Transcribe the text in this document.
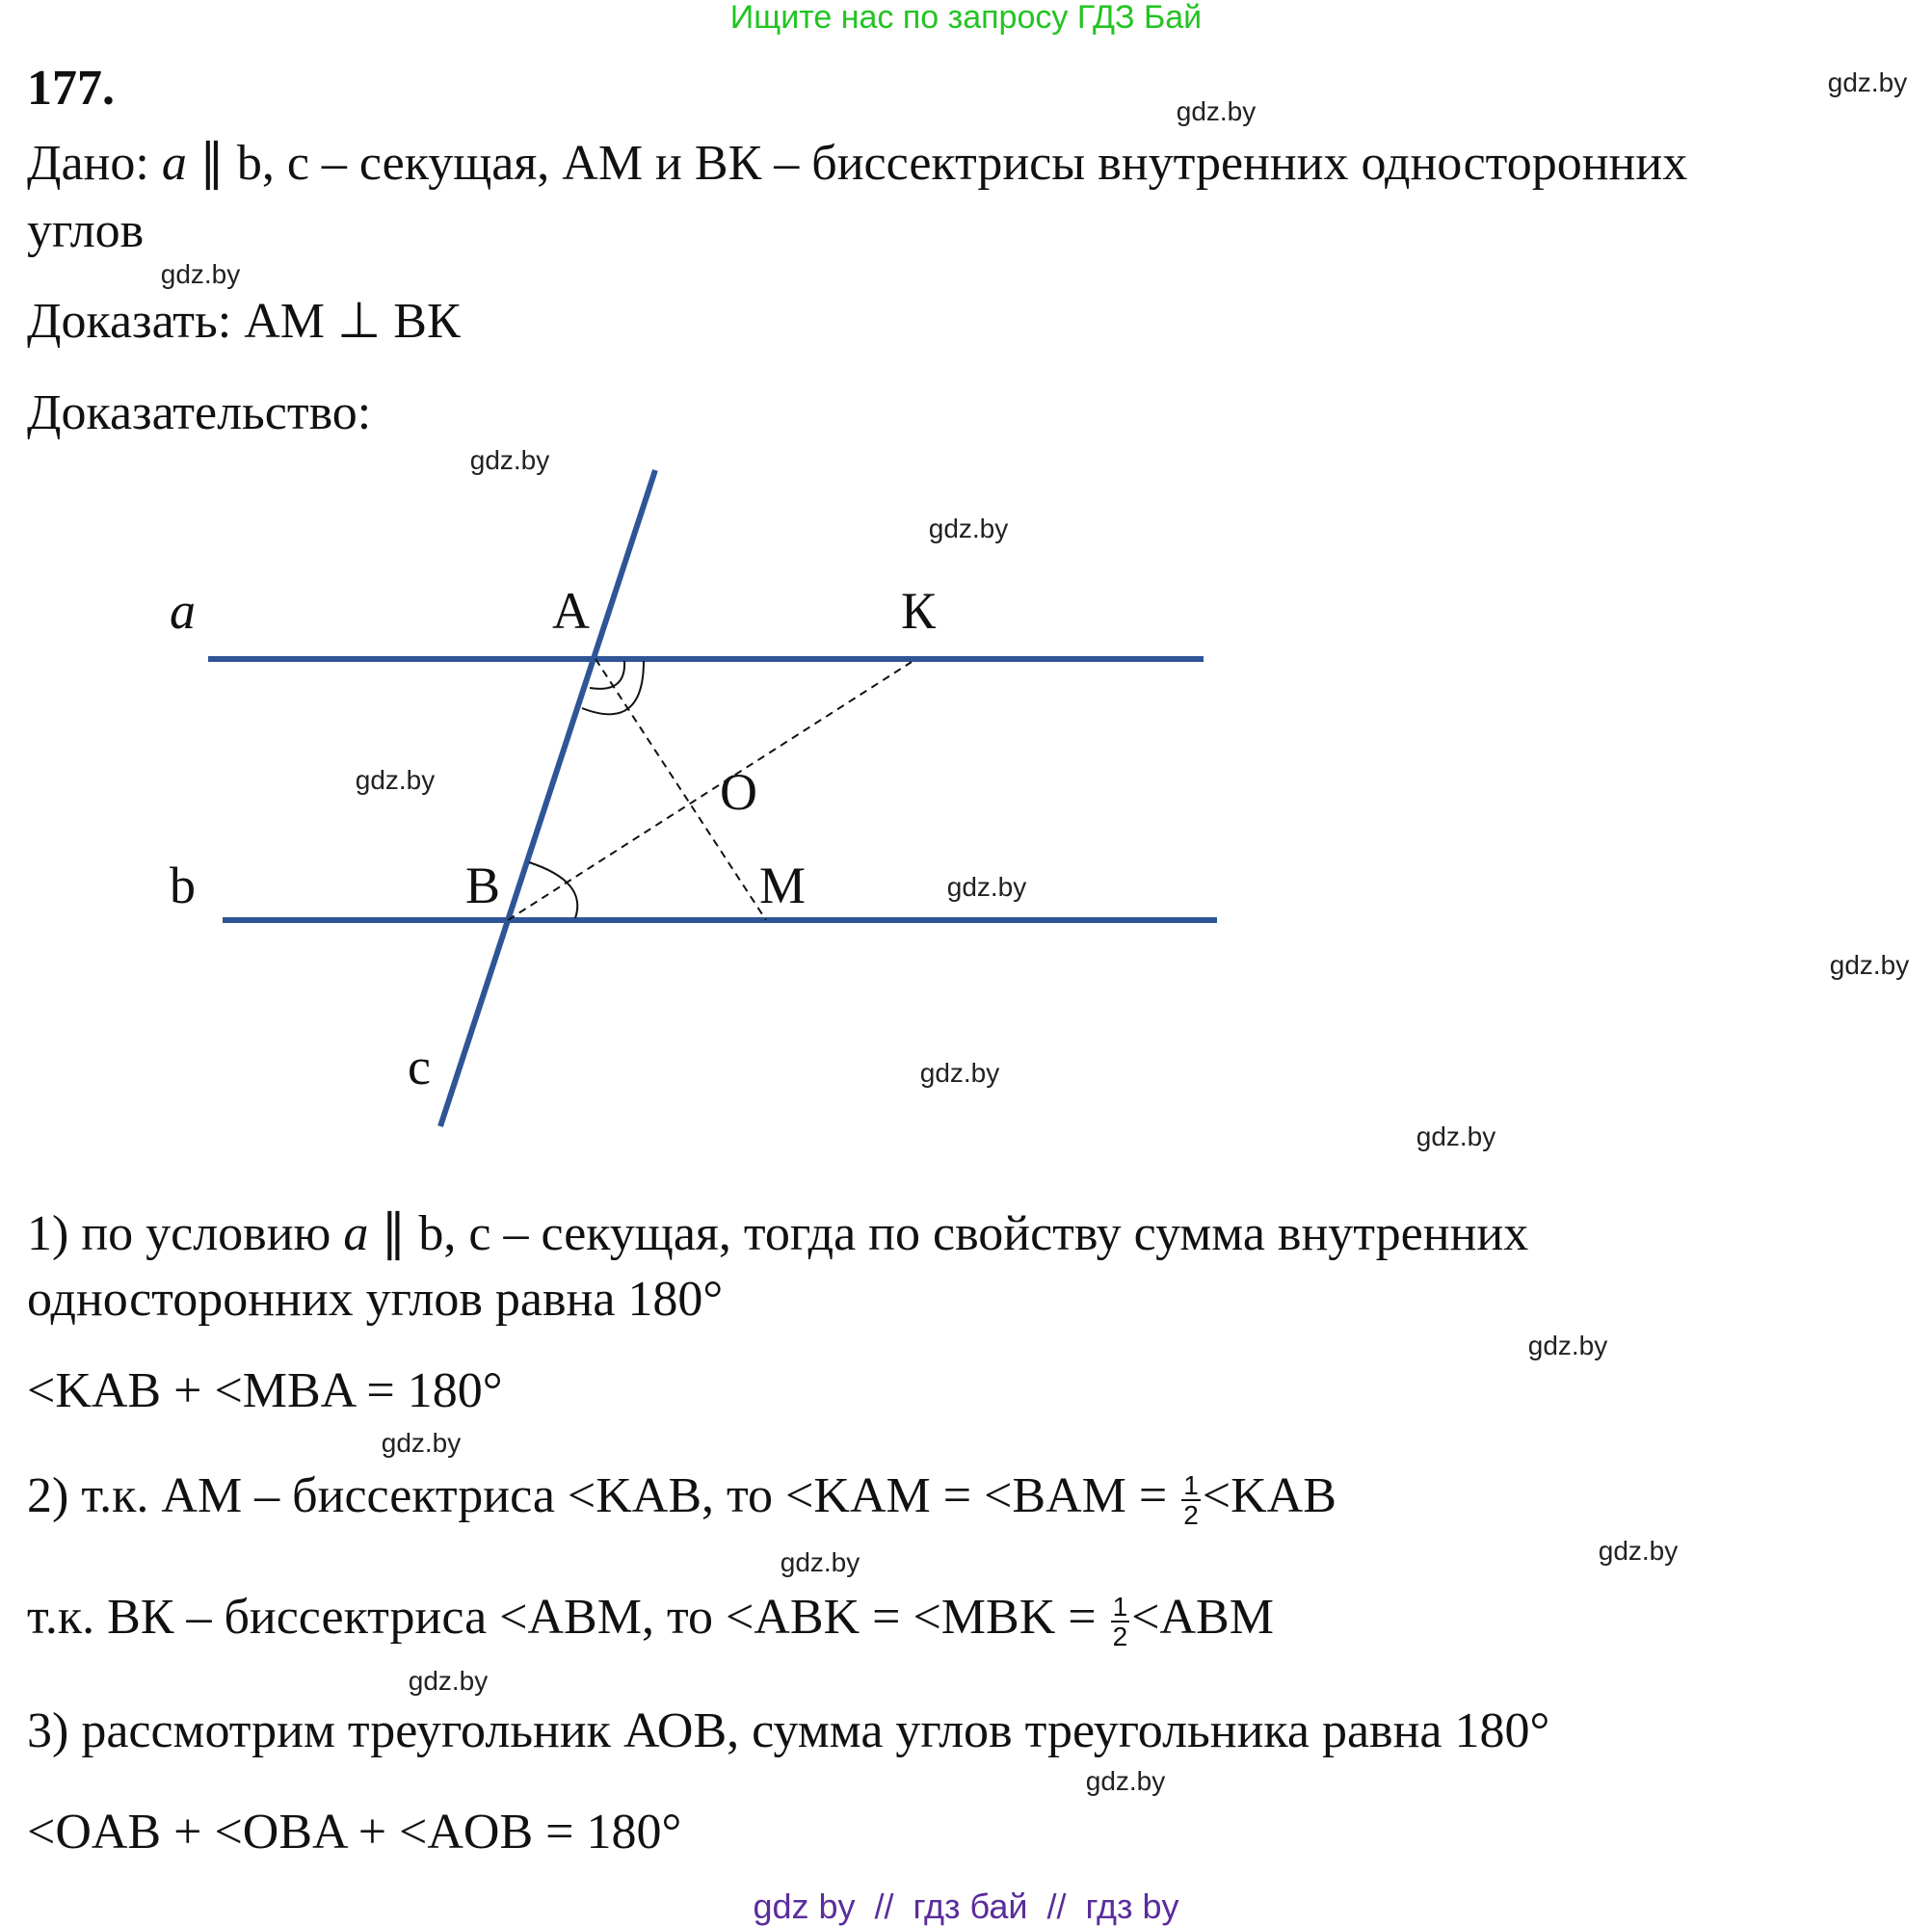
Ищите нас по запросу ГДЗ Бай
177.
Дано: a ∥ b, c – секущая, АМ и ВК – биссектрисы внутренних односторонних
углов
Доказать: АМ ⊥ ВК
Доказательство:
a	A	К
O
b	B	M
c
1) по условию a ∥ b, c – секущая, тогда по свойству сумма внутренних
односторонних углов равна 180°
<KAB + <MBA = 180°
2) т.к. АМ – биссектриса <KAB, то $<KAM = <BAM = \frac{1}{2} <KAB$
т.к. ВК – биссектриса <ABM, то $<ABK = <MBK = \frac{1}{2} <ABM$
3) рассмотрим треугольник АОВ, сумма углов треугольника равна 180°
<OAB + <OBA + <AOB = 180°
gdz.by
gdz.by
gdz.by
gdz.by
gdz.by
gdz.by
gdz.by
gdz.by
gdz.by
gdz.by
gdz.by
gdz.by
gdz.by
gdz.by
gdz.by
gdz.by
gdz by  //  гдз бай  //  гдз by
